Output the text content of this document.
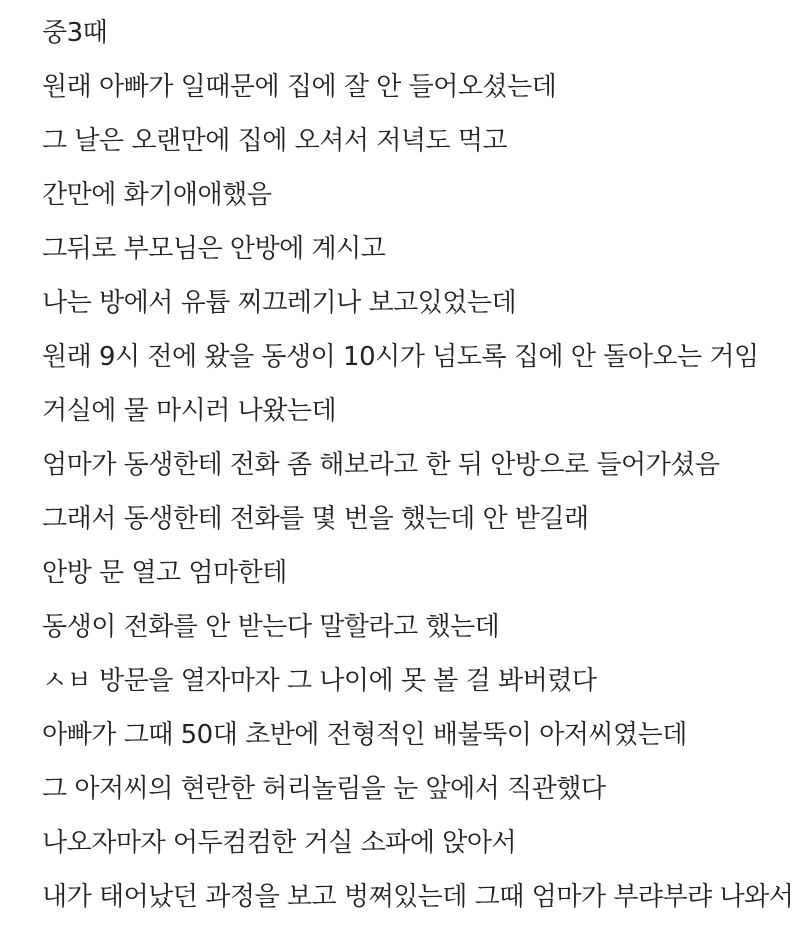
중3때
원래 아빠가 일때문에 집에 잘 안 들어오셨는데
그 날은 오랜만에 집에 오셔서 저녁도 먹고
간만에 화기애애했음
그뒤로 부모님은 안방에 계시고
나는 방에서 유튭 찌끄레기나 보고있었는데
원래 9시 전에 왔을 동생이 10시가 넘도록 집에 안 돌아오는 거임
거실에 물 마시러 나왔는데
엄마가 동생한테 전화 좀 해보라고 한 뒤 안방으로 들어가셨음
그래서 동생한테 전화를 몇 번을 했는데 안 받길래
안방 문 열고 엄마한테
동생이 전화를 안 받는다 말할라고 했는데
ㅅㅂ 방문을 열자마자 그 나이에 못 볼 걸 봐버렸다
아빠가 그때 50대 초반에 전형적인 배불뚝이 아저씨였는데
그 아저씨의 현란한 허리놀림을 눈 앞에서 직관했다
나오자마자 어두컴컴한 거실 소파에 앉아서
내가 태어났던 과정을 보고 벙쪄있는데 그때 엄마가 부랴부랴 나와서
